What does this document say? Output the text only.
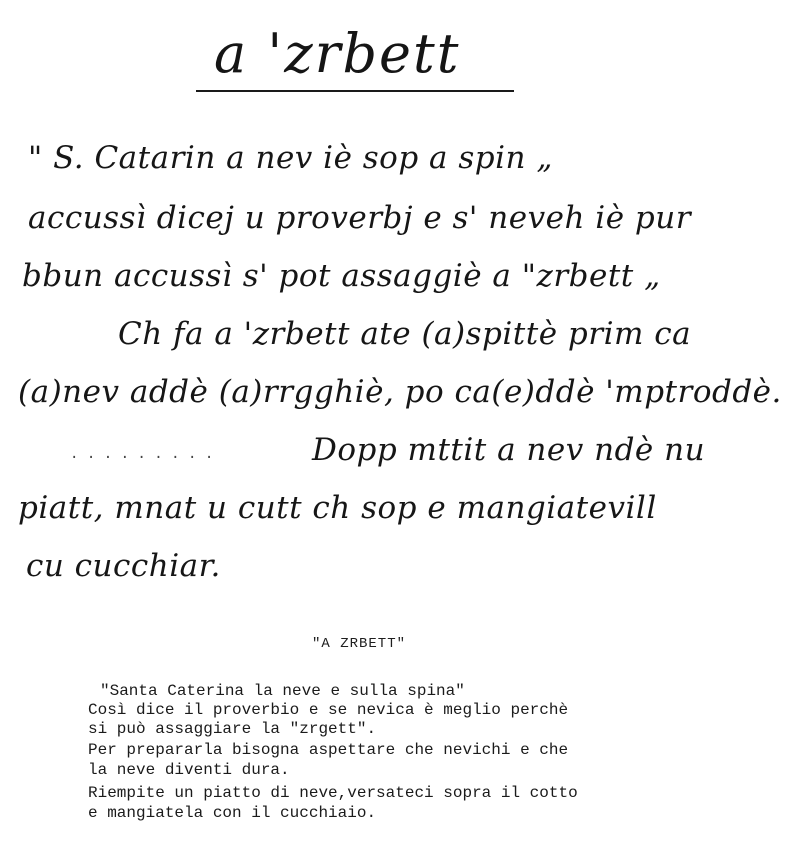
a 'zrbett
" S. Catarin a nev iè sop a spin „
accussì dicej u proverbj e s' neveh iè pur
bbun accussì s' pot assaggiè a "zrbett „
Ch fa a 'zrbett ate (a)spittè prim ca
(a)nev addè (a)rrgghiè, po ca(e)ddè 'mptroddè.
. . . . . . . . .	Dopp mttit a nev ndè nu
piatt, mnat u cutt ch sop e mangiatevill
cu cucchiar.
"A ZRBETT"
"Santa Caterina la neve e sulla spina"
Così dice il proverbio e se nevica è meglio perchè
si può assaggiare la "zrgett".
Per prepararla bisogna aspettare che nevichi e che
la neve diventi dura.
Riempite un piatto di neve,versateci sopra il cotto
e mangiatela con il cucchiaio.
